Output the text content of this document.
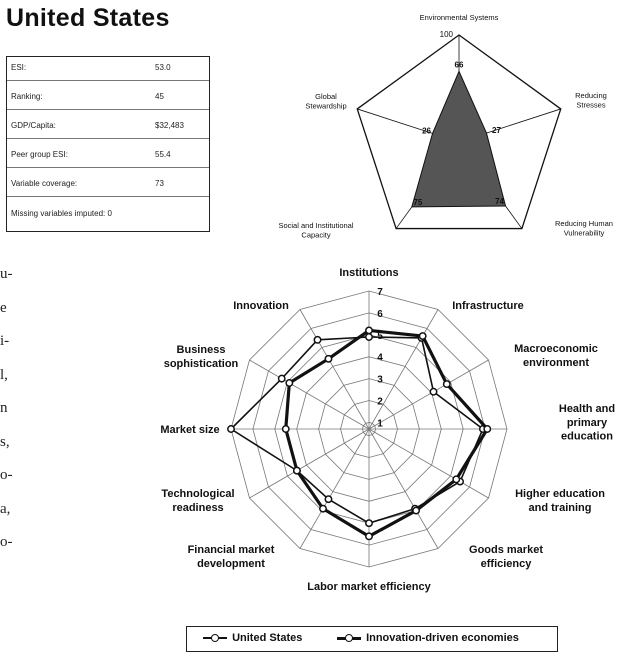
United States
ESI:	53.0
Ranking:	45
GDP/Capita:	$32,483
Peer group ESI:	55.4
Variable coverage:	73
Missing variables imputed: 0
u-
e
i-
l,
n
s,
o-
a,
o-
66
27
74
75
26
100
Environmental Systems
Reducing Stresses
Reducing Human Vulnerability
Social and Institutional Capacity
Global Stewardship
1
2
3
4
5
6
7
Institutions
Infrastructure
Macroeconomic environment
Health and primary education
Higher education and training
Goods market efficiency
Labor market efficiency
Financial market development
Technological readiness
Market size
Business sophistication
Innovation
United States	Innovation-driven economies
